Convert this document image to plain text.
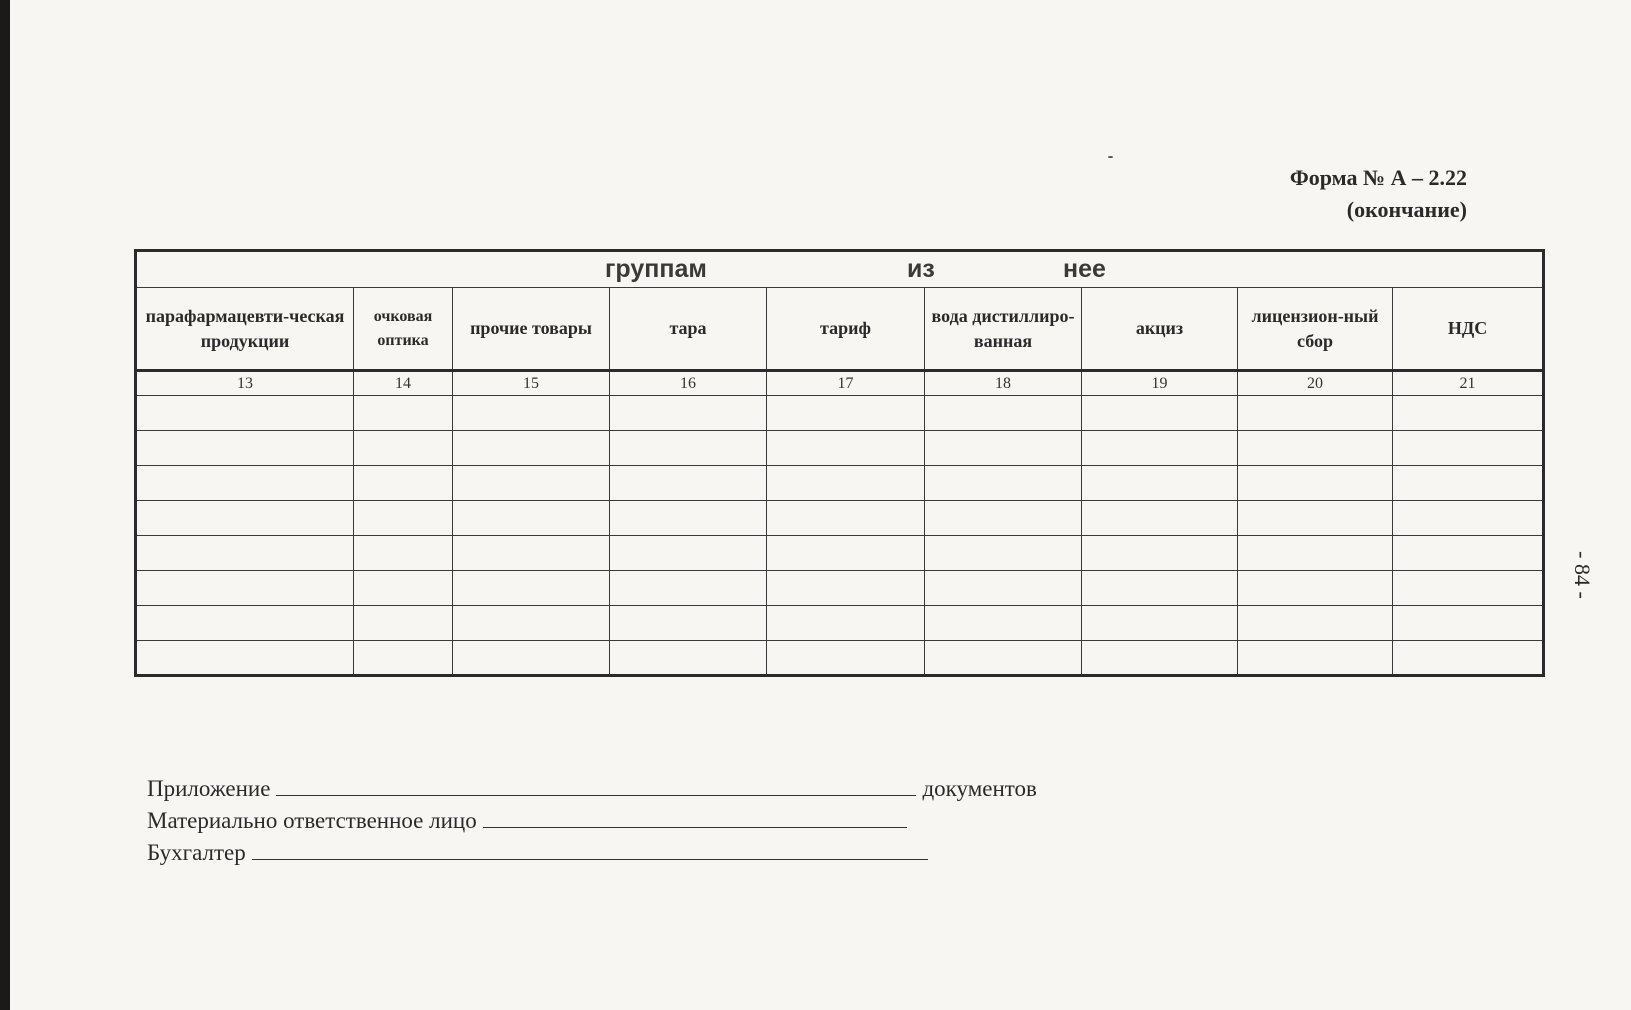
Форма № А – 2.22
(окончание)
группам из нее								

парафармацевти-ческая продукции	очковая оптика	прочие товары	тара	тариф	вода дистиллиро-ванная	акциз	лицензион-ный сбор	НДС
13	14	15	16	17	18	19	20	21

Приложение	документов
Материально ответственное лицо
Бухгалтер
- 84 -
